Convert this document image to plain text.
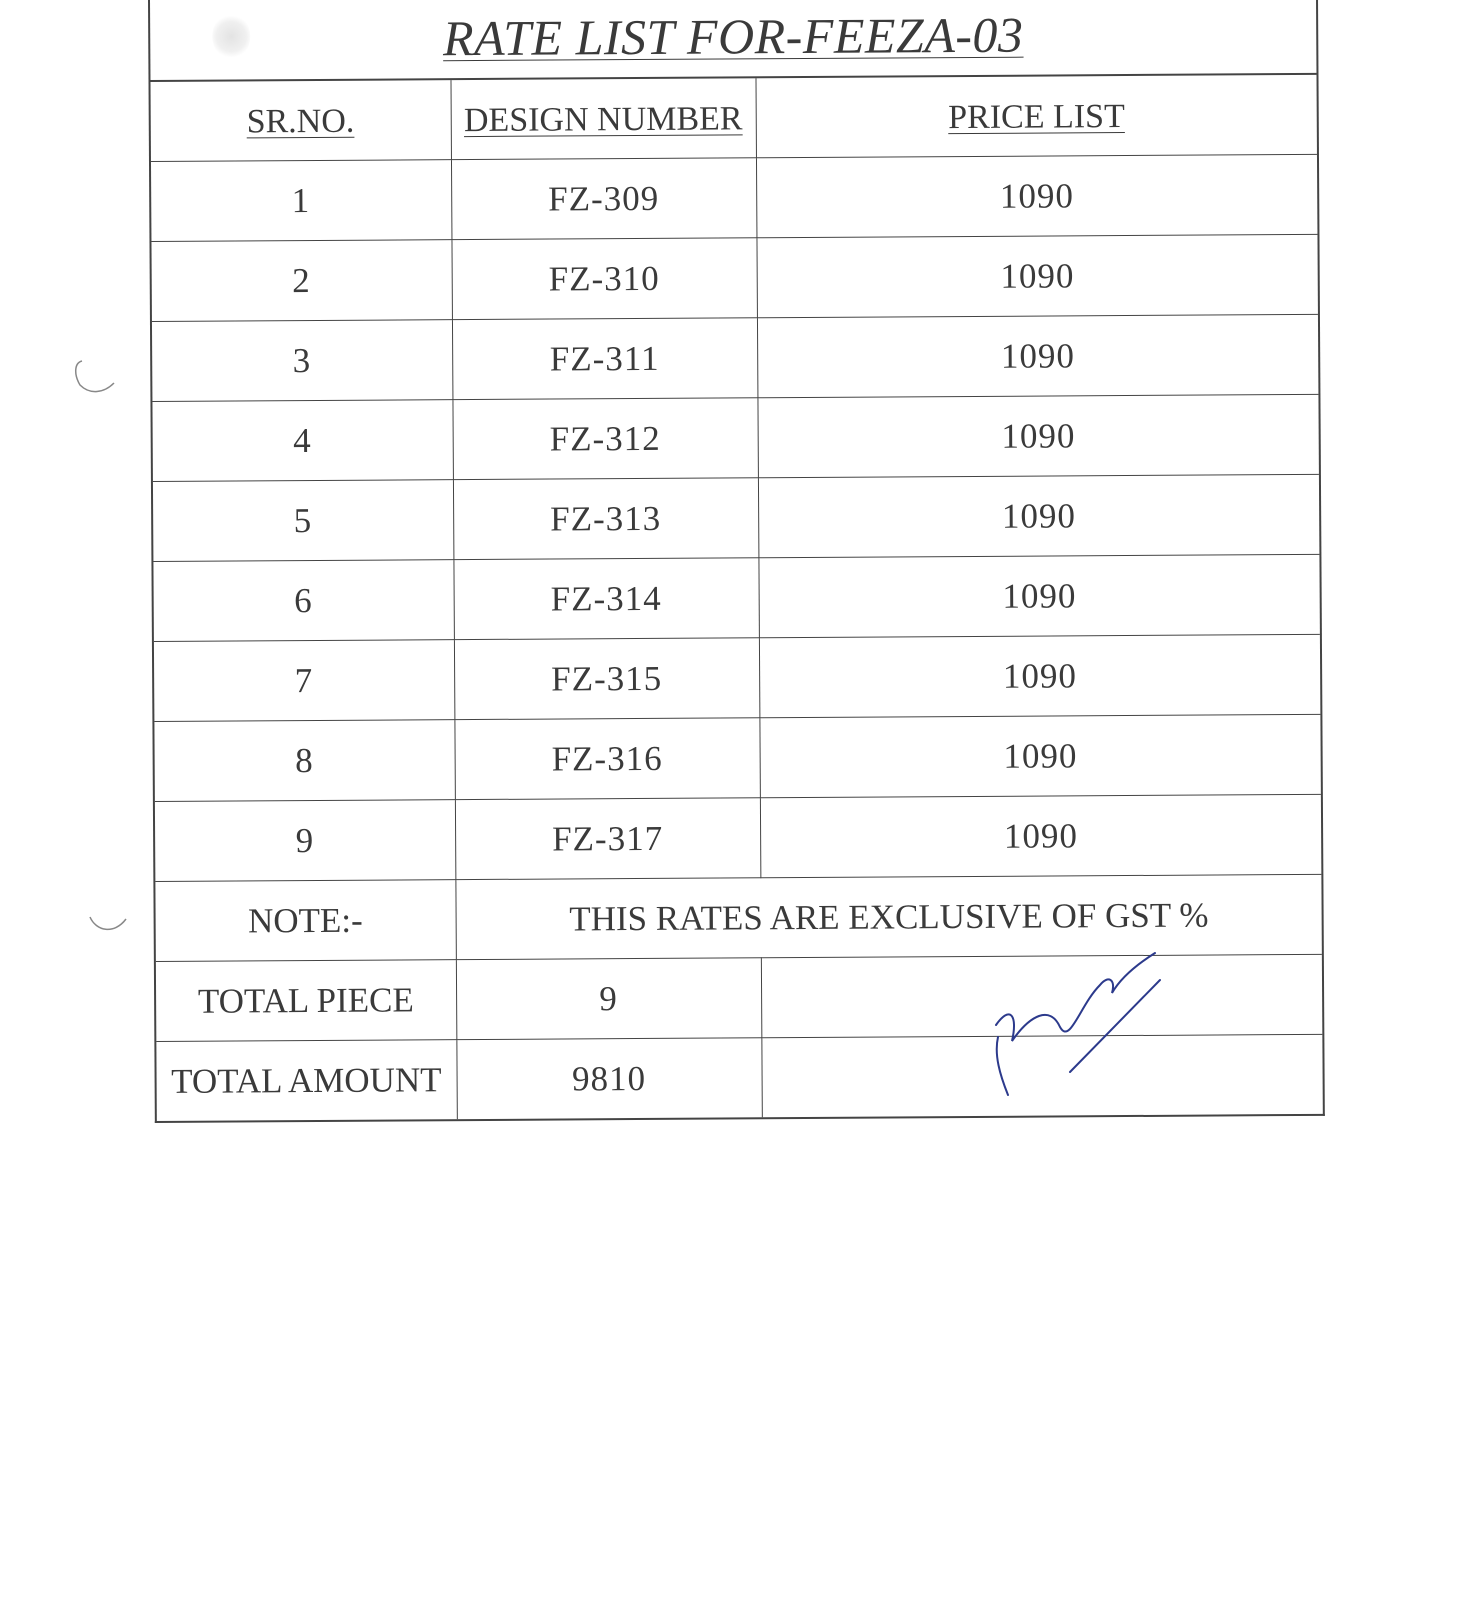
RATE LIST FOR-FEEZA-03
SR.NO.	DESIGN NUMBER	PRICE LIST
1	FZ-309	1090
2	FZ-310	1090
3	FZ-311	1090
4	FZ-312	1090
5	FZ-313	1090
6	FZ-314	1090
7	FZ-315	1090
8	FZ-316	1090
9	FZ-317	1090
NOTE:-	THIS RATES ARE EXCLUSIVE OF GST %	
TOTAL PIECE	9	
TOTAL AMOUNT	9810	
